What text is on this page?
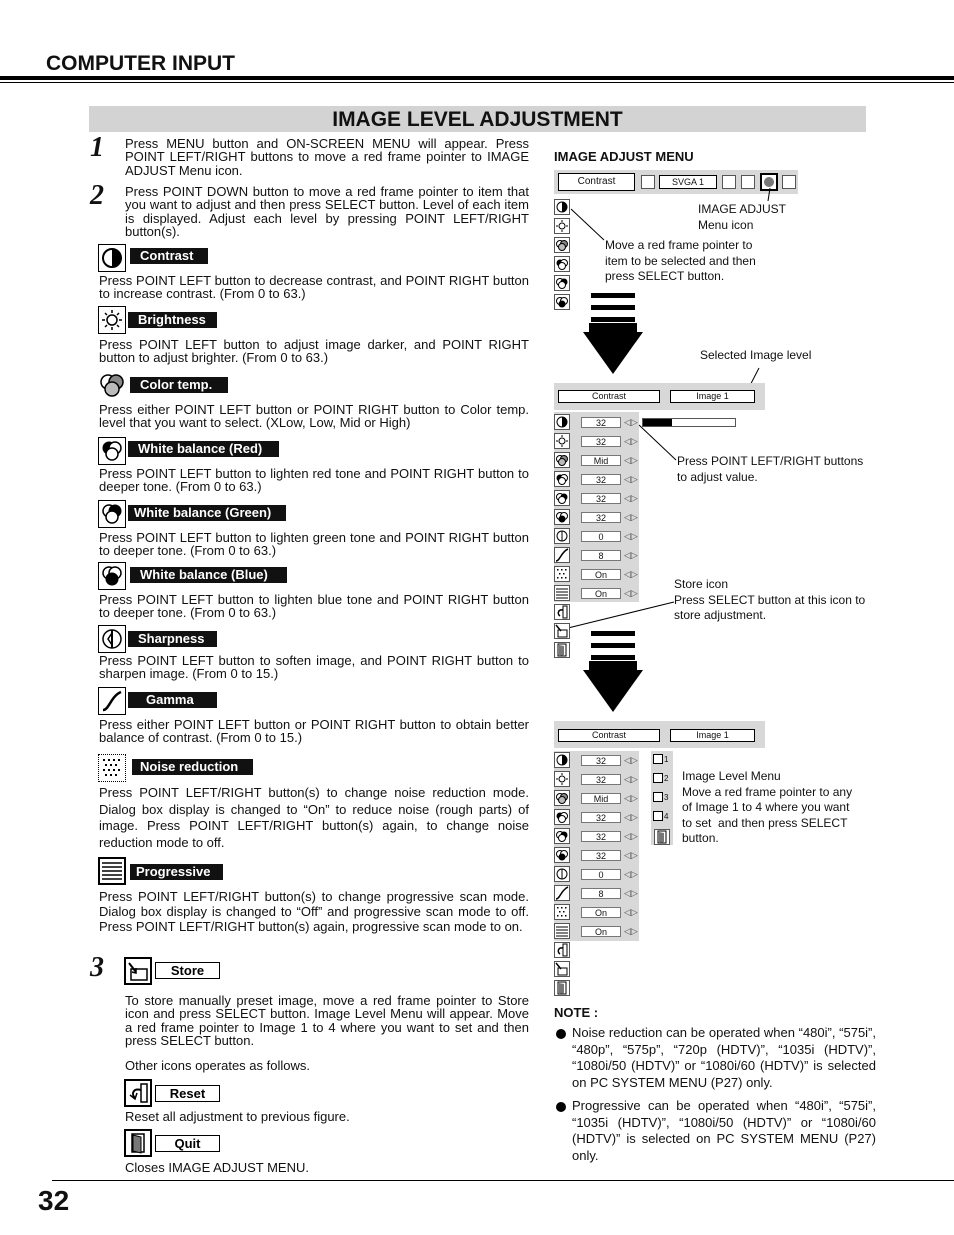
COMPUTER INPUT
IMAGE LEVEL ADJUSTMENT
1 Press MENU button and ON-SCREEN MENU will appear. Press POINT LEFT/RIGHT buttons to move a red frame pointer to IMAGE ADJUST Menu icon.
2 Press POINT DOWN button to move a red frame pointer to item that you want to adjust and then press SELECT button. Level of each item is displayed. Adjust each level by pressing POINT LEFT/RIGHT button(s).
Contrast
Press POINT LEFT button to decrease contrast, and POINT RIGHT button to increase contrast. (From 0 to 63.)
Brightness
Press POINT LEFT button to adjust image darker, and POINT RIGHT button to adjust brighter. (From 0 to 63.)
Color temp.
Press either POINT LEFT button or POINT RIGHT button to Color temp. level that you want to select. (XLow, Low, Mid or High)
White balance (Red)
Press POINT LEFT button to lighten red tone and POINT RIGHT button to deeper tone. (From 0 to 63.)
White balance (Green)
Press POINT LEFT button to lighten green tone and POINT RIGHT button to deeper tone. (From 0 to 63.)
White balance (Blue)
Press POINT LEFT button to lighten blue tone and POINT RIGHT button to deeper tone. (From 0 to 63.)
Sharpness
Press POINT LEFT button to soften image, and POINT RIGHT button to sharpen image. (From 0 to 15.)
Gamma
Press either POINT LEFT button or POINT RIGHT button to obtain better balance of contrast. (From 0 to 15.)
Noise reduction
Press POINT LEFT/RIGHT button(s) to change noise reduction mode. Dialog box display is changed to “On” to reduce noise (rough parts) of image. Press POINT LEFT/RIGHT button(s) again, to change noise reduction mode to off.
Progressive
Press POINT LEFT/RIGHT button(s) to change progressive scan mode. Dialog box display is changed to “Off” and progressive scan mode to off. Press POINT LEFT/RIGHT button(s) again, progressive scan mode to on.
3	Store
To store manually preset image, move a red frame pointer to Store icon and press SELECT button. Image Level Menu will appear. Move a red frame pointer to Image 1 to 4 where you want to set and then press SELECT button.
Other icons operates as follows.
Reset
Reset all adjustment to previous figure.
Quit
Closes IMAGE ADJUST MENU.
IMAGE ADJUST MENU
Contrast	SVGA 1
IMAGE ADJUST
Menu icon
Move a red frame pointer to
item to be selected and then
press SELECT button.
Selected Image level
Contrast	Image 1
32	◁▷
32	◁▷
Mid	◁▷
32	◁▷
32	◁▷
32	◁▷
0	◁▷
8	◁▷
On	◁▷
On	◁▷
Press POINT LEFT/RIGHT buttons
to adjust value.
Store icon
Press SELECT button at this icon to
store adjustment.
Contrast	Image 1
32	◁▷
32	◁▷
Mid	◁▷
32	◁▷
32	◁▷
32	◁▷
0	◁▷
8	◁▷
On	◁▷
On	◁▷
1
2
3
4
Image Level Menu
Move a red frame pointer to any
of Image 1 to 4 where you want
to set  and then press SELECT
button.
NOTE :
Noise reduction can be operated when “480i”, “575i”, “480p”, “575p”, “720p (HDTV)”, “1035i (HDTV)”, “1080i/50 (HDTV)” or “1080i/60 (HDTV)” is selected on PC SYSTEM MENU (P27) only.
Progressive can be operated when “480i”, “575i”, “1035i (HDTV)”, “1080i/50 (HDTV)” or “1080i/60 (HDTV)” is selected on PC SYSTEM MENU (P27) only.
32
